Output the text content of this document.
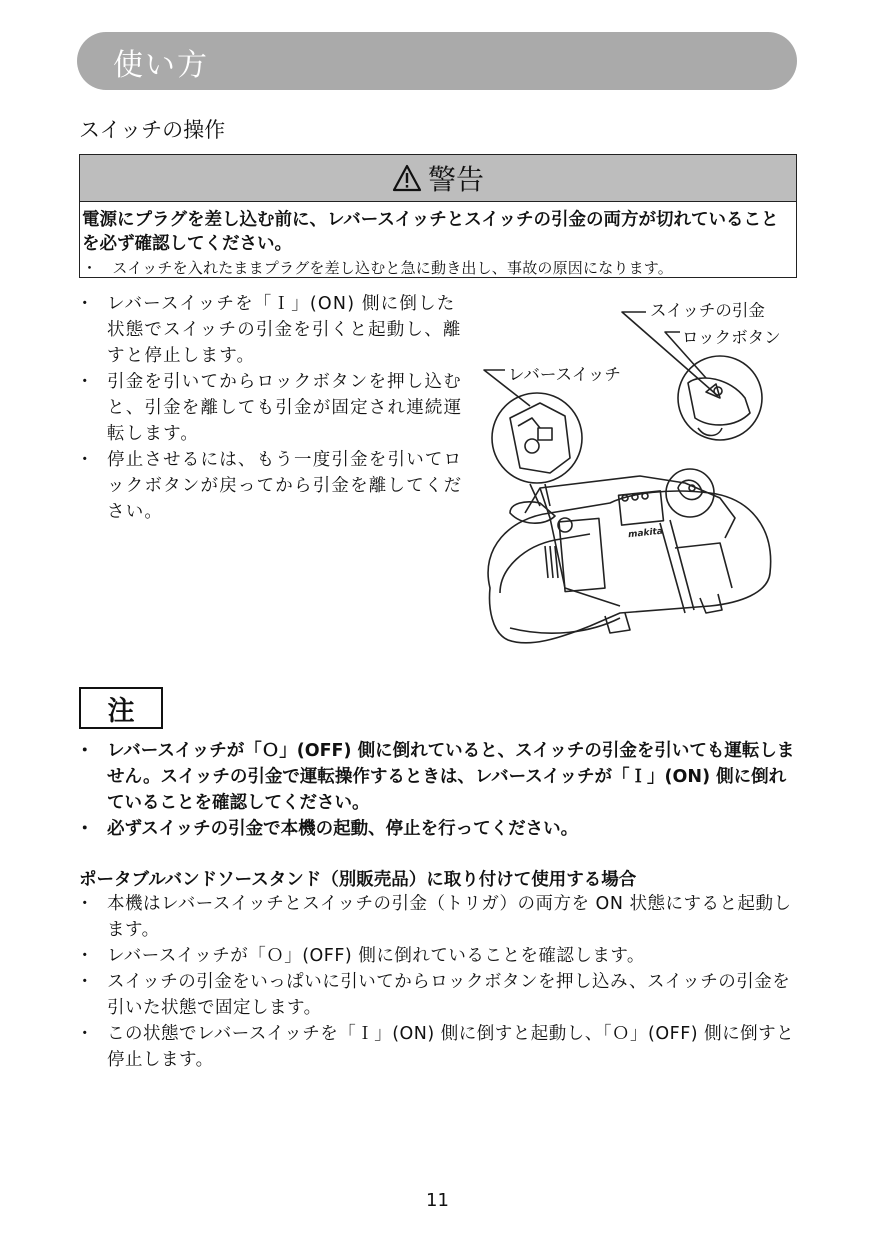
使い方
スイッチの操作
警告
電源にプラグを差し込む前に、レバースイッチとスイッチの引金の両方が切れていることを必ず確認してください。
・　スイッチを入れたままプラグを差し込むと急に動き出し、事故の原因になります。
・ レバースイッチを「Ｉ」(ON) 側に倒した状態でスイッチの引金を引くと起動し、離すと停止します。
・ 引金を引いてからロックボタンを押し込むと、引金を離しても引金が固定され連続運転します。
・ 停止させるには、もう一度引金を引いてロックボタンが戻ってから引金を離してください。
makita
スイッチの引金
ロックボタン
レバースイッチ
注
・ レバースイッチが「Ｏ」(OFF) 側に倒れていると、スイッチの引金を引いても運転しません。スイッチの引金で運転操作するときは、レバースイッチが「Ｉ」(ON) 側に倒れていることを確認してください。
・ 必ずスイッチの引金で本機の起動、停止を行ってください。
ポータブルバンドソースタンド（別販売品）に取り付けて使用する場合
・ 本機はレバースイッチとスイッチの引金（トリガ）の両方を ON 状態にすると起動します。
・ レバースイッチが「Ｏ」(OFF) 側に倒れていることを確認します。
・ スイッチの引金をいっぱいに引いてからロックボタンを押し込み、スイッチの引金を引いた状態で固定します。
・ この状態でレバースイッチを「Ｉ」(ON) 側に倒すと起動し、「Ｏ」(OFF) 側に倒すと停止します。
11
